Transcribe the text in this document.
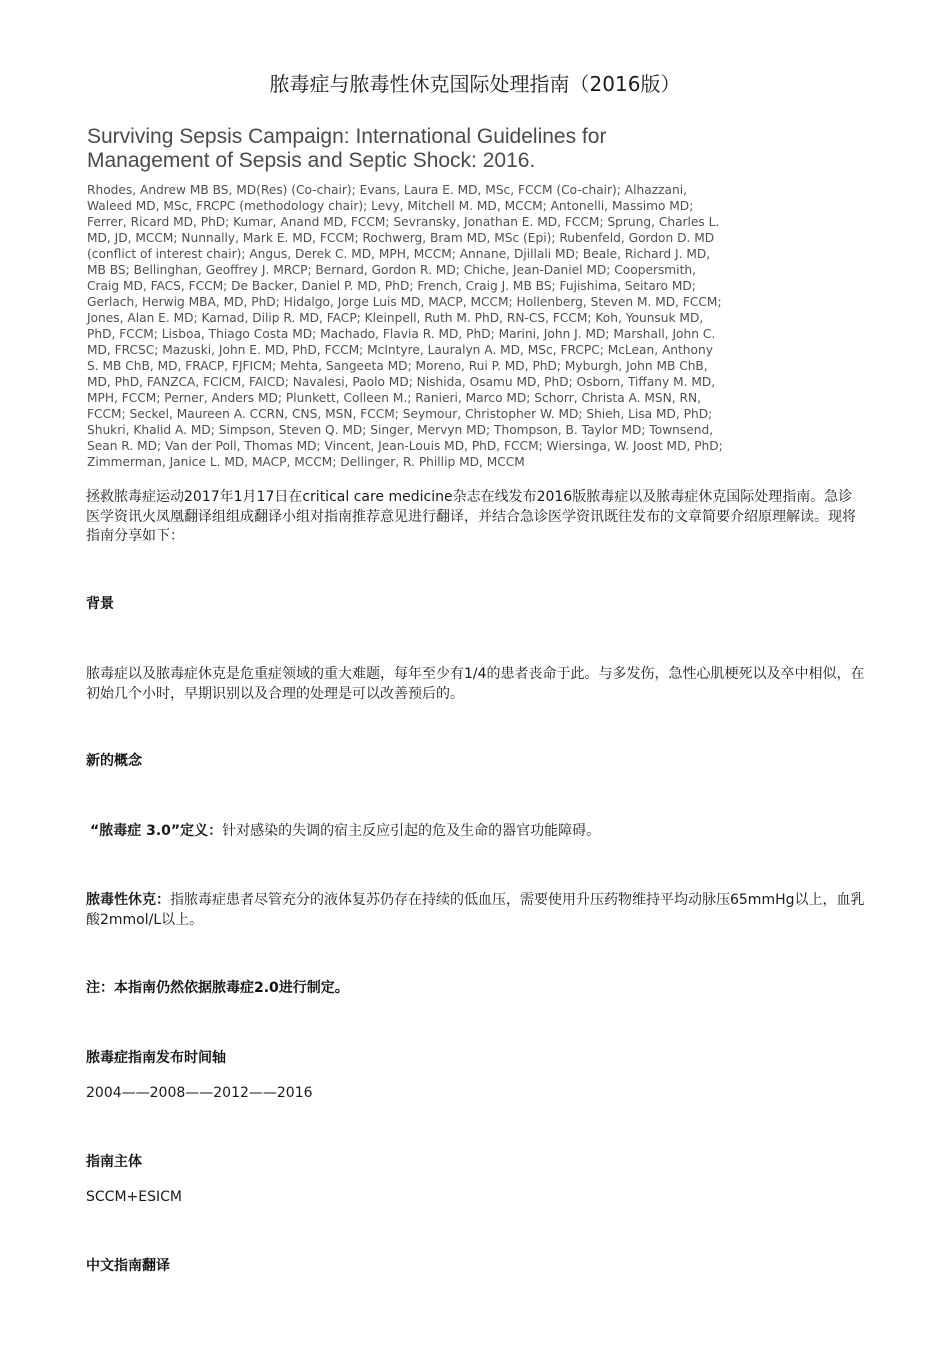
脓毒症与脓毒性休克国际处理指南（2016版）
Surviving Sepsis Campaign: International Guidelines for Management of Sepsis and Septic Shock: 2016.
Rhodes, Andrew MB BS, MD(Res) (Co-chair); Evans, Laura E. MD, MSc, FCCM (Co-chair); Alhazzani, Waleed MD, MSc, FRCPC (methodology chair); Levy, Mitchell M. MD, MCCM; Antonelli, Massimo MD; Ferrer, Ricard MD, PhD; Kumar, Anand MD, FCCM; Sevransky, Jonathan E. MD, FCCM; Sprung, Charles L. MD, JD, MCCM; Nunnally, Mark E. MD, FCCM; Rochwerg, Bram MD, MSc (Epi); Rubenfeld, Gordon D. MD (conflict of interest chair); Angus, Derek C. MD, MPH, MCCM; Annane, Djillali MD; Beale, Richard J. MD, MB BS; Bellinghan, Geoffrey J. MRCP; Bernard, Gordon R. MD; Chiche, Jean-Daniel MD; Coopersmith, Craig MD, FACS, FCCM; De Backer, Daniel P. MD, PhD; French, Craig J. MB BS; Fujishima, Seitaro MD; Gerlach, Herwig MBA, MD, PhD; Hidalgo, Jorge Luis MD, MACP, MCCM; Hollenberg, Steven M. MD, FCCM; Jones, Alan E. MD; Karnad, Dilip R. MD, FACP; Kleinpell, Ruth M. PhD, RN-CS, FCCM; Koh, Younsuk MD, PhD, FCCM; Lisboa, Thiago Costa MD; Machado, Flavia R. MD, PhD; Marini, John J. MD; Marshall, John C. MD, FRCSC; Mazuski, John E. MD, PhD, FCCM; McIntyre, Lauralyn A. MD, MSc, FRCPC; McLean, Anthony S. MB ChB, MD, FRACP, FJFICM; Mehta, Sangeeta MD; Moreno, Rui P. MD, PhD; Myburgh, John MB ChB, MD, PhD, FANZCA, FCICM, FAICD; Navalesi, Paolo MD; Nishida, Osamu MD, PhD; Osborn, Tiffany M. MD, MPH, FCCM; Perner, Anders MD; Plunkett, Colleen M.; Ranieri, Marco MD; Schorr, Christa A. MSN, RN, FCCM; Seckel, Maureen A. CCRN, CNS, MSN, FCCM; Seymour, Christopher W. MD; Shieh, Lisa MD, PhD; Shukri, Khalid A. MD; Simpson, Steven Q. MD; Singer, Mervyn MD; Thompson, B. Taylor MD; Townsend, Sean R. MD; Van der Poll, Thomas MD; Vincent, Jean-Louis MD, PhD, FCCM; Wiersinga, W. Joost MD, PhD; Zimmerman, Janice L. MD, MACP, MCCM; Dellinger, R. Phillip MD, MCCM
拯救脓毒症运动2017年1月17日在critical care medicine杂志在线发布2016版脓毒症以及脓毒症休克国际处理指南。急诊医学资讯火凤凰翻译组组成翻译小组对指南推荐意见进行翻译，并结合急诊医学资讯既往发布的文章简要介绍原理解读。现将指南分享如下：
背景
脓毒症以及脓毒症休克是危重症领域的重大难题，每年至少有1/4的患者丧命于此。与多发伤，急性心肌梗死以及卒中相似，在初始几个小时，早期识别以及合理的处理是可以改善预后的。
新的概念
“脓毒症 3.0”定义：针对感染的失调的宿主反应引起的危及生命的器官功能障碍。
脓毒性休克：指脓毒症患者尽管充分的液体复苏仍存在持续的低血压，需要使用升压药物维持平均动脉压65mmHg以上，血乳酸2mmol/L以上。
注：本指南仍然依据脓毒症2.0进行制定。
脓毒症指南发布时间轴
2004——2008——2012——2016
指南主体
SCCM+ESICM
中文指南翻译
